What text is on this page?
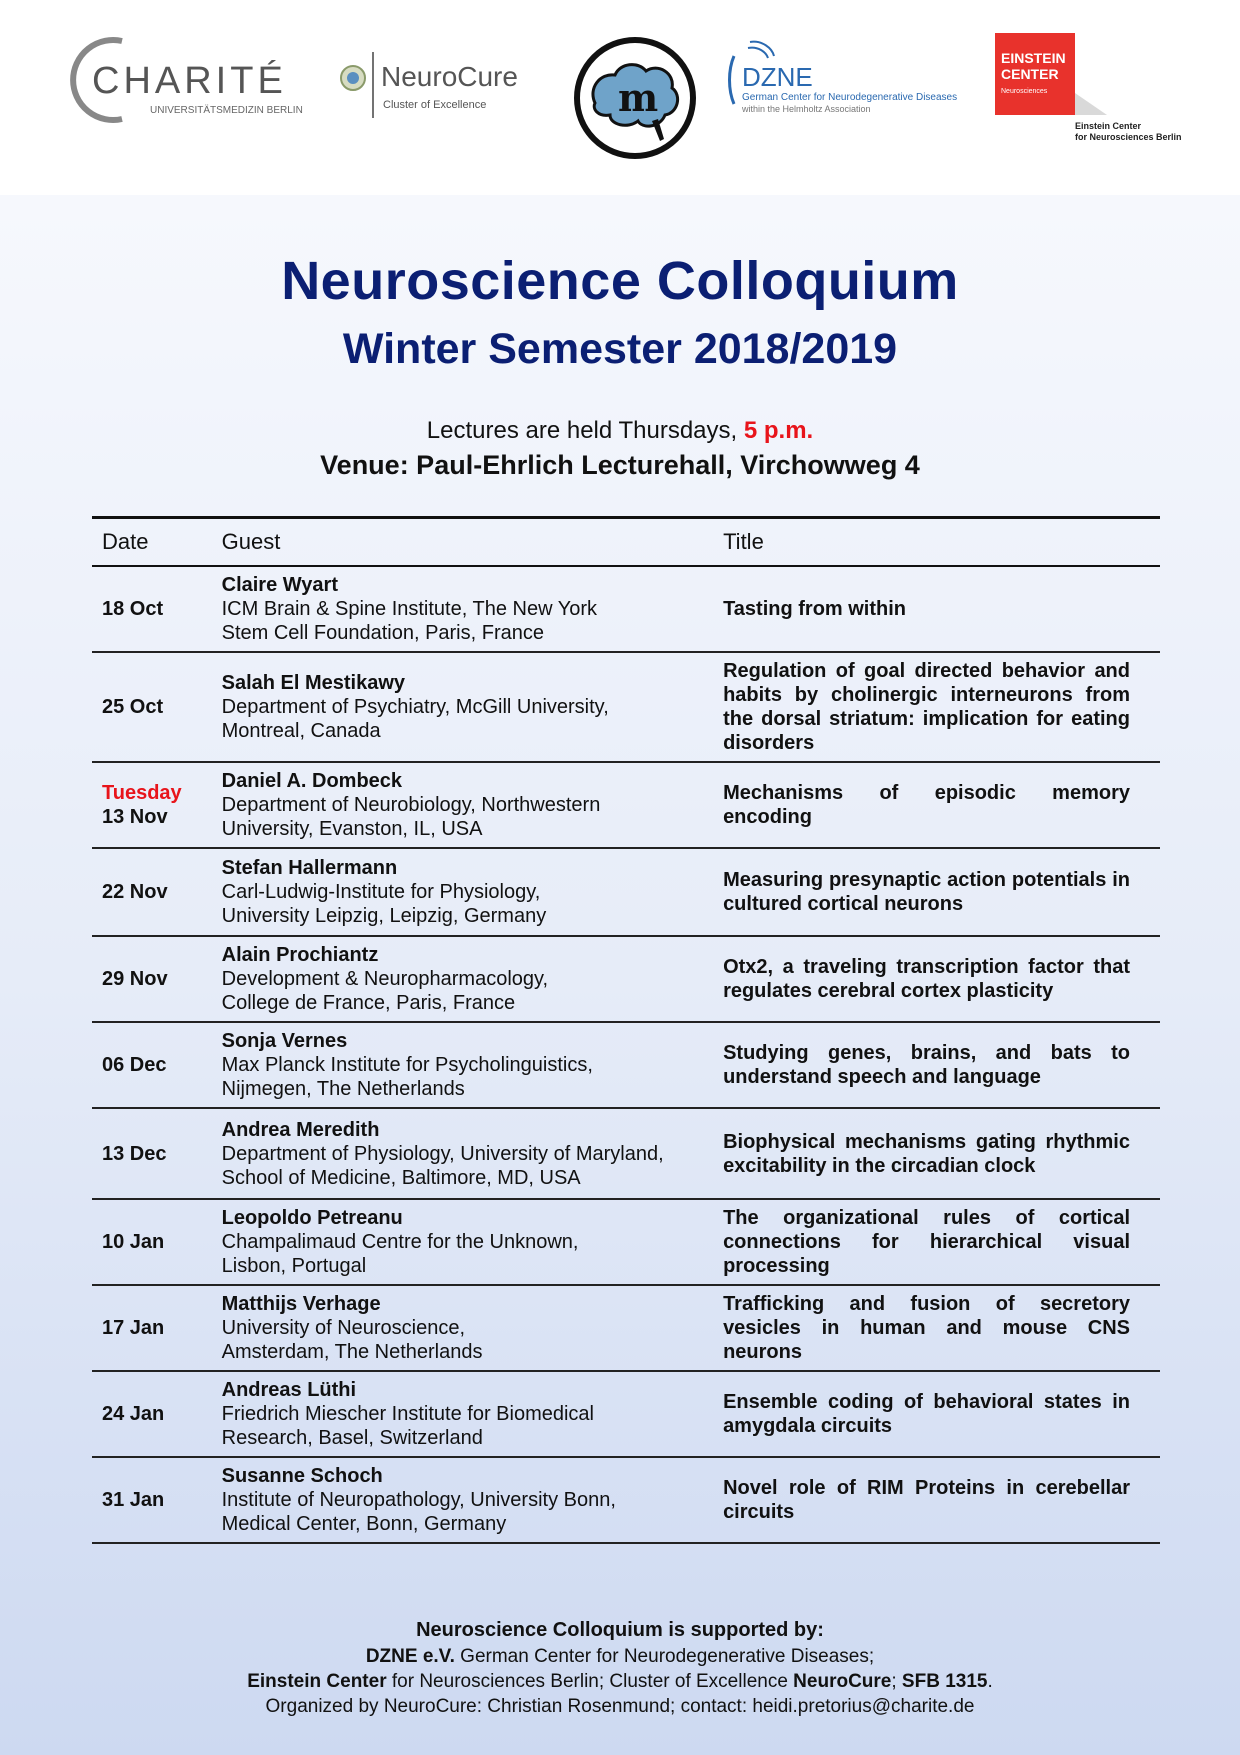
CHARITÉ
UNIVERSITÄTSMEDIZIN BERLIN
NeuroCure
Cluster of Excellence	m	DZNE
German Center for Neurodegenerative Diseases
within the Helmholtz Association
EINSTEIN
CENTER
Neurosciences
Einstein Center
for Neurosciences Berlin
Neuroscience Colloquium
Winter Semester 2018/2019
Lectures are held Thursdays, 5 p.m.
Venue: Paul-Ehrlich Lecturehall, Virchowweg 4
Date	Guest	Title
18 Oct	Claire Wyart
ICM Brain & Spine Institute, The New York
Stem Cell Foundation, Paris, France	Tasting from within
25 Oct	Salah El Mestikawy
Department of Psychiatry, McGill University,
Montreal, Canada	Regulation of goal directed behavior and habits by cholinergic interneurons from the dorsal striatum: implication for eating disorders

Tuesday
13 Nov	Daniel A. Dombeck
Department of Neurobiology, Northwestern
University, Evanston, IL, USA	Mechanisms of episodic memory encoding
22 Nov	Stefan Hallermann
Carl-Ludwig-Institute for Physiology,
University Leipzig, Leipzig, Germany	Measuring presynaptic action potentials in cultured cortical neurons
29 Nov	Alain Prochiantz
Development & Neuropharmacology,
College de France, Paris, France	Otx2, a traveling transcription factor that regulates cerebral cortex plasticity
06 Dec	Sonja Vernes
Max Planck Institute for Psycholinguistics,
Nijmegen, The Netherlands	Studying genes, brains, and bats to understand speech and language
13 Dec	Andrea Meredith
Department of Physiology, University of Maryland,
School of Medicine, Baltimore, MD, USA	Biophysical mechanisms gating rhythmic excitability in the circadian clock
10 Jan	Leopoldo Petreanu
Champalimaud Centre for the Unknown,
Lisbon, Portugal	The organizational rules of cortical connections for hierarchical visual processing
17 Jan	Matthijs Verhage
University of Neuroscience,
Amsterdam, The Netherlands	Trafficking and fusion of secretory vesicles in human and mouse CNS neurons
24 Jan	Andreas Lüthi
Friedrich Miescher Institute for Biomedical
Research, Basel, Switzerland	Ensemble coding of behavioral states in amygdala circuits
31 Jan	Susanne Schoch
Institute of Neuropathology, University Bonn,
Medical Center, Bonn, Germany	Novel role of RIM Proteins in cerebellar circuits
Neuroscience Colloquium is supported by:
DZNE e.V. German Center for Neurodegenerative Diseases;
Einstein Center for Neurosciences Berlin; Cluster of Excellence NeuroCure; SFB 1315.
Organized by NeuroCure: Christian Rosenmund; contact: heidi.pretorius@charite.de
